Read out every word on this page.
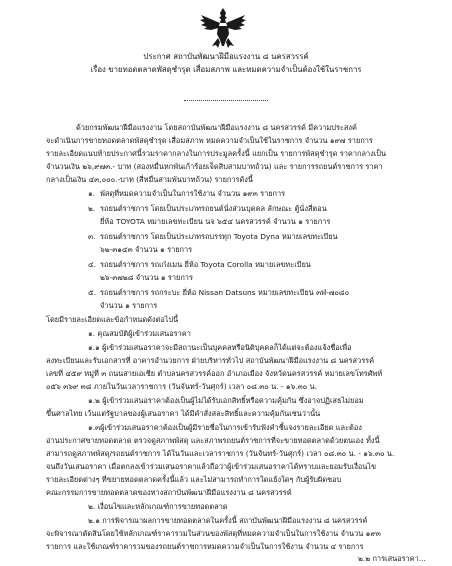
ประกาศ สถาบันพัฒนาฝีมือแรงงาน ๘ นครสวรรค์
เรื่อง ขายทอดตลาดพัสดุชำรุด เสื่อมสภาพ และหมดความจำเป็นต้องใช้ในราชการ
ด้วยกรมพัฒนาฝีมือแรงงาน โดยสถาบันพัฒนาฝีมือแรงงาน ๘ นครสวรรค์ มีความประสงค์
จะดำเนินการขายทอดตลาดพัสดุชำรุด เสื่อมสภาพ หมดความจำเป็นใช้ในราชการ จำนวน ๑๙๗ รายการ
รายละเอียดแนบท้ายประกาศนี้รวมราคากลางในการประมูลครั้งนี้ แยกเป็น รายการพัสดุชำรุด ราคากลางเป็น
จำนวนเงิน ๒๖,๙๗๓.- บาท (สองหมื่นหกพันเก้าร้อยเจ็ดสิบสามบาทถ้วน) และ รายการรถยนต์ราชการ ราคา
กลางเป็นเงิน ๔๓,๐๐๐.-บาท (สี่หมื่นสามพันบาทถ้วน) รายการดังนี้
๑. พัสดุที่หมดความจำเป็นในการใช้งาน จำนวน ๑๙๓ รายการ
๒. รถยนต์ราชการ โดยเป็นประเภทรถยนต์นั่งส่วนบุคคล ลักษณะ ตู้นั่งสี่ตอน
ยี่ห้อ TOYOTA หมายเลขทะเบียน นจ ๖๕๔ นครสวรรค์ จำนวน ๑ รายการ
๓. รถยนต์ราชการ โดยเป็นประเภทรถบรรทุก Toyota Dyna หมายเลขทะเบียน
๖๒-๓๑๔๓ จำนวน ๑ รายการ
๔. รถยนต์ราชการ รถเก๋งเมน ยี่ห้อ Toyota Corolla หมายเลขทะเบียน
๒๖-๓๗๒๘ จำนวน ๑ รายการ
๕. รถยนต์ราชการ รถกระบะ ยี่ห้อ Nissan Datsuns หมายเลขทะเบียน ๓ฬ-๗๐๘๐
จำนวน ๑ รายการ
โดยมีรายละเอียดและข้อกำหนดดังต่อไปนี้
๑. คุณสมบัติผู้เข้าร่วมเสนอราคา
๑.๑ ผู้เข้าร่วมเสนอราคาจะมีสถานะเป็นบุคคลหรือนิติบุคคลก็ได้แต่จะต้องแจ้งชื่อเพื่อ
ลงทะเบียนและรับเอกสารที่ อาคารอำนวยการ ฝ่ายบริหารทั่วไป สถาบันพัฒนาฝีมือแรงงาน ๘ นครสวรรค์
เลขที่ ๔๕๙ หมู่ที่ ๓ ถนนสายเอเชีย ตำบลนครสวรรค์ออก อำเภอเมือง จังหวัดนครสวรรค์ หมายเลขโทรศัพท์
๐๕๖ ๓๖๙ ๓๘ ภายในวันเวลาราชการ (วันจันทร์-วันศุกร์) เวลา ๐๘.๓๐ น. - ๑๖.๓๐ น.
๑.๒ ผู้เข้าร่วมเสนอราคาต้องเป็นผู้ไม่ได้รับเอกสิทธิ์หรือความคุ้มกัน ซึ่งอาจปฏิเสธไม่ยอม
ขึ้นศาลไทย เว้นแต่รัฐบาลของผู้เสนอราคา ได้มีคำสั่งสละสิทธิ์และความคุ้มกันเช่นว่านั้น
๑.๓ผู้เข้าร่วมเสนอราคาต้องเป็นผู้มีรายชื่อในการเข้ารับฟังคำชี้แจงรายละเอียด และต้อง
อ่านประกาศขายทอดตลาด ตรวจดูสภาพพัสดุ และสภาพรถยนต์ราชการที่จะขายทอดตลาดด้วยตนเอง ทั้งนี้
สามารถดูสภาพพัสดุ/รถยนต์ราชการ ได้ในวันและเวลาราชการ (วันจันทร์-วันศุกร์) เวลา ๐๘.๓๐ น. - ๑๖.๓๐ น.
จนถึงวันเสนอราคา เมื่อตกลงเข้าร่วมเสนอราคาแล้วถือว่าผู้เข้าร่วมเสนอราคาได้ทราบและยอมรับเงื่อนไข
รายละเอียดต่างๆ ที่ขยายทอดตลาดครั้งนี้แล้ว และไม่สามารถทำการใดแย้งใดๆ กับผู้รับผิดชอบ
คณะกรรมการขายทอดตลาดของทางสถาบันพัฒนาฝีมือแรงงาน ๘ นครสวรรค์
๒. เงื่อนไขและหลักเกณฑ์การขายทอดตลาด
๒.๑ การพิจารณาผลการขายทอดตลาดในครั้งนี้ สถาบันพัฒนาฝีมือแรงงาน ๘ นครสวรรค์
จะพิจารณาตัดสินโดยใช้หลักเกณฑ์ราคารวมในส่วนของพัสดุที่หมดความจำเป็นในการใช้งาน จำนวน ๑๙๓
รายการ และใช้เกณฑ์ราคารวมของรถยนต์ราชการหมดความจำเป็นในการใช้งาน จำนวน ๔ รายการ
๒.๒ การเสนอราคา...
